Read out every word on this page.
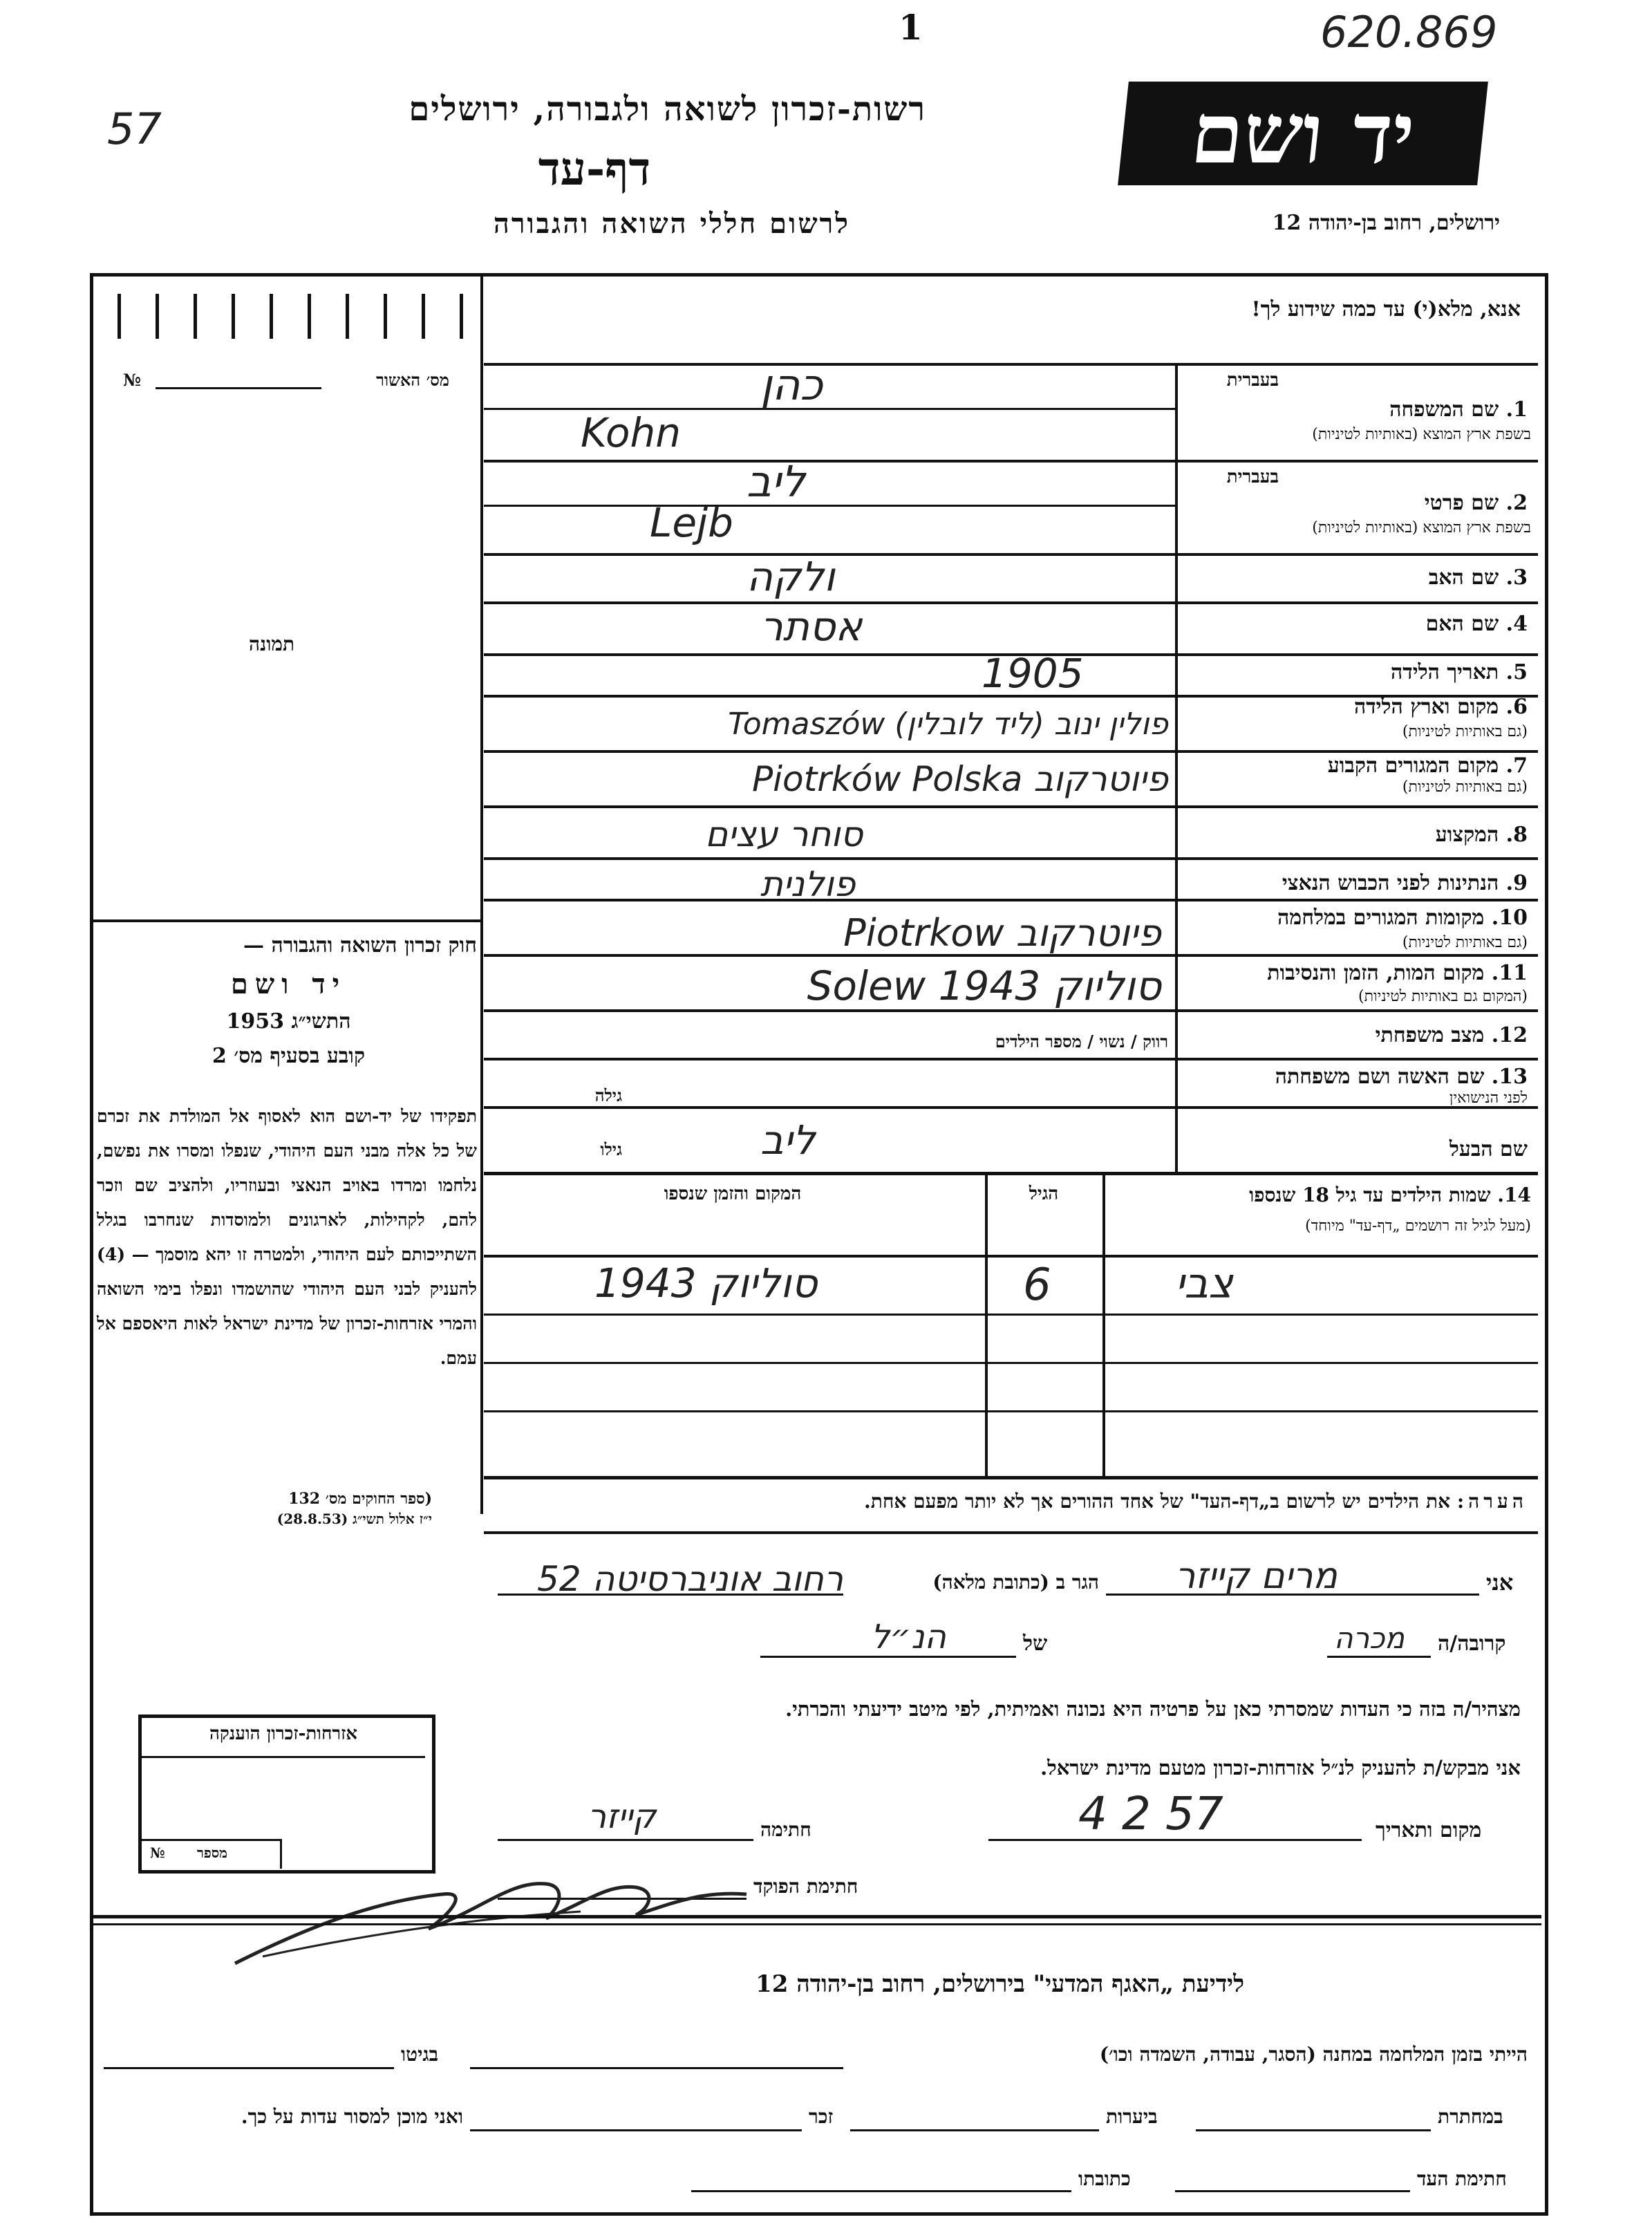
620.869
1
57	רשות-זכרון לשואה ולגבורה, ירושלים
דף-עד
לרשום חללי השואה והגבורה
יד ושם
ירושלים, רחוב בן-יהודה 12
אנא, מלא(י) עד כמה שידוע לך!
מס׳ האשור
№
תמונה
בעברית
1. שם המשפחה
בשפת ארץ המוצא (באותיות לטיניות)
כהן
Kohn
בעברית
2. שם פרטי
בשפת ארץ המוצא (באותיות לטיניות)
ליב
Lejb
3. שם האב
ולקה
4. שם האם
אסתר
5. תאריך הלידה
1905
6. מקום וארץ הלידה
(גם באותיות לטיניות)
פולין ינוב (ליד לובלין) Tomaszów
7. מקום המגורים הקבוע
(גם באותיות לטיניות)
פיוטרקוב Piotrków Polska
8. המקצוע
סוחר עצים
9. הנתינות לפני הכבוש הנאצי
פולנית
10. מקומות המגורים במלחמה
(גם באותיות לטיניות)
פיוטרקוב Piotrkow
11. מקום המות, הזמן והנסיבות
(המקום גם באותיות לטיניות)
סוליוק Solew 1943
12. מצב משפחתי
רווק / נשוי / מספר הילדים
13. שם האשה ושם משפחתה
לפני הנישואין
גילה
שם הבעל
ליב
גילו
14. שמות הילדים עד גיל 18 שנספו
(מעל לגיל זה רושמים „דף-עד" מיוחד)
הגיל
המקום והזמן שנספו
צבי
6
סוליוק 1943
הערה: את הילדים יש לרשום ב„דף-העד" של אחד ההורים אך לא יותר מפעם אחת.
חוק זכרון השואה והגבורה —
יד ושם
התשי״ג 1953
קובע בסעיף מס׳ 2
תפקידו של יד-ושם הוא לאסוף אל המולדת את זכרם של כל אלה מבני העם היהודי, שנפלו ומסרו את נפשם, נלחמו ומרדו באויב הנאצי ובעוזריו, ולהציב שם וזכר להם, לקהילות, לארגונים ולמוסדות שנחרבו בגלל השתייכותם לעם היהודי, ולמטרה זו יהא מוסמך — (4) להעניק לבני העם היהודי שהושמדו ונפלו בימי השואה והמרי אזרחות-זכרון של מדינת ישראל לאות היאספם אל עמם.
(ספר החוקים מס׳ 132
י״ז אלול תשי״ג (28.8.53)
אני
מרים קייזר
הגר ב (כתובת מלאה)
רחוב אוניברסיטה 52
קרובה/ה
מכרה
של
הנ״ל
מצהיר/ה בזה כי העדות שמסרתי כאן על פרטיה היא נכונה ואמיתית, לפי מיטב ידיעתי והכרתי.
אני מבקש/ת להעניק לנ״ל אזרחות-זכרון מטעם מדינת ישראל.
מקום ותאריך
4 2 57
חתימה
קייזר
חתימת הפוקד
אזרחות-זכרון הוענקה
מספר
№
לידיעת „האגף המדעי" בירושלים, רחוב בן-יהודה 12
הייתי בזמן המלחמה במחנה (הסגר, עבודה, השמדה וכו׳)
בגיטו
במחתרת
ביערות
זכר
ואני מוכן למסור עדות על כך.
חתימת העד
כתובתו
